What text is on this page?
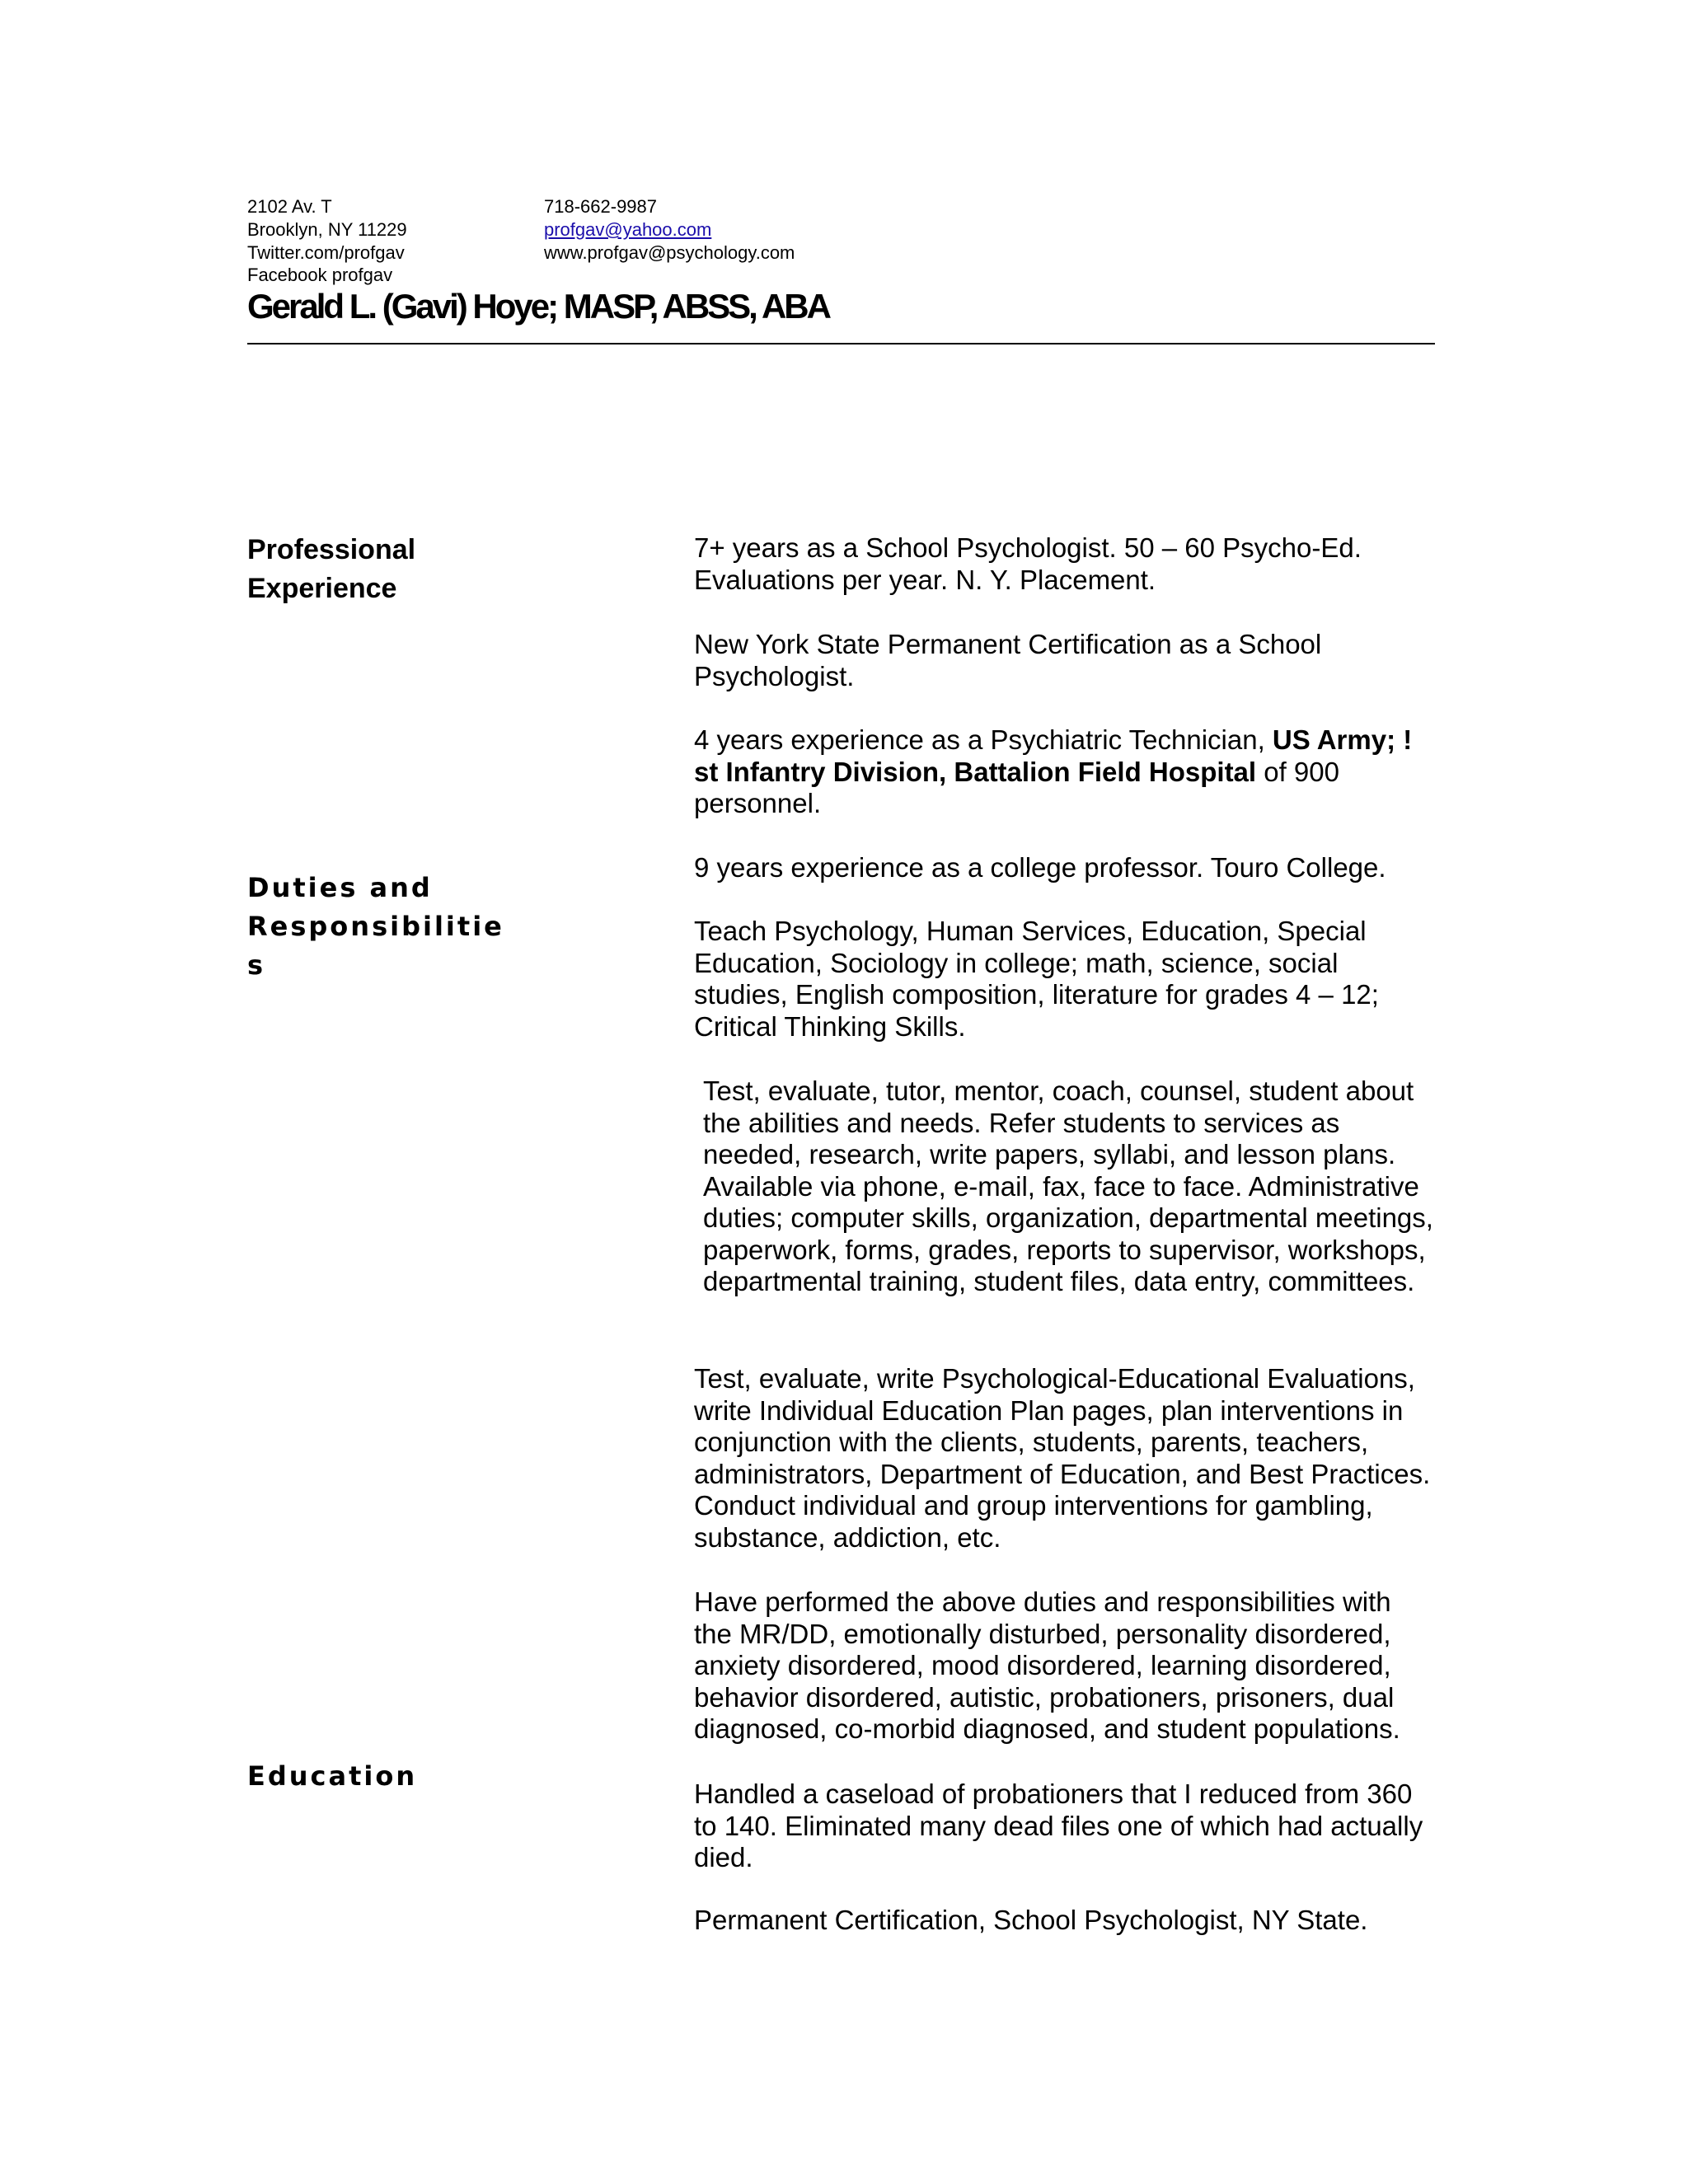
2102 Av. T
Brooklyn, NY 11229
Twitter.com/profgav
Facebook profgav
718-662-9987
profgav@yahoo.com
www.profgav@psychology.com
Gerald L. (Gavi) Hoye; MASP, ABSS, ABA
Professional
Experience
Duties and
Responsibilitie
s
Education
7+ years as a School Psychologist. 50 – 60 Psycho-Ed. Evaluations per year. N. Y. Placement.
New York State Permanent Certification as a School Psychologist.
4 years experience as a Psychiatric Technician, US Army; ! st Infantry Division, Battalion Field Hospital of 900 personnel.
9 years experience as a college professor. Touro College.
Teach Psychology, Human Services, Education, Special Education, Sociology in college; math, science, social studies, English composition, literature for grades 4 – 12; Critical Thinking Skills.
Test, evaluate, tutor, mentor, coach, counsel, student about the abilities and needs. Refer students to services as needed, research, write papers, syllabi, and lesson plans. Available via phone, e-mail, fax, face to face. Administrative duties; computer skills, organization, departmental meetings, paperwork, forms, grades, reports to supervisor, workshops, departmental training, student files, data entry, committees.
Test, evaluate, write Psychological-Educational Evaluations, write Individual Education Plan pages, plan interventions in conjunction with the clients, students, parents, teachers, administrators, Department of Education, and Best Practices. Conduct individual and group interventions for gambling, substance, addiction, etc.
Have performed the above duties and responsibilities with the MR/DD, emotionally disturbed, personality disordered, anxiety disordered, mood disordered, learning disordered, behavior disordered, autistic, probationers, prisoners, dual diagnosed, co-morbid diagnosed, and student populations.
Handled a caseload of probationers that I reduced from 360 to 140. Eliminated many dead files one of which had actually died.
Permanent Certification, School Psychologist, NY State.
